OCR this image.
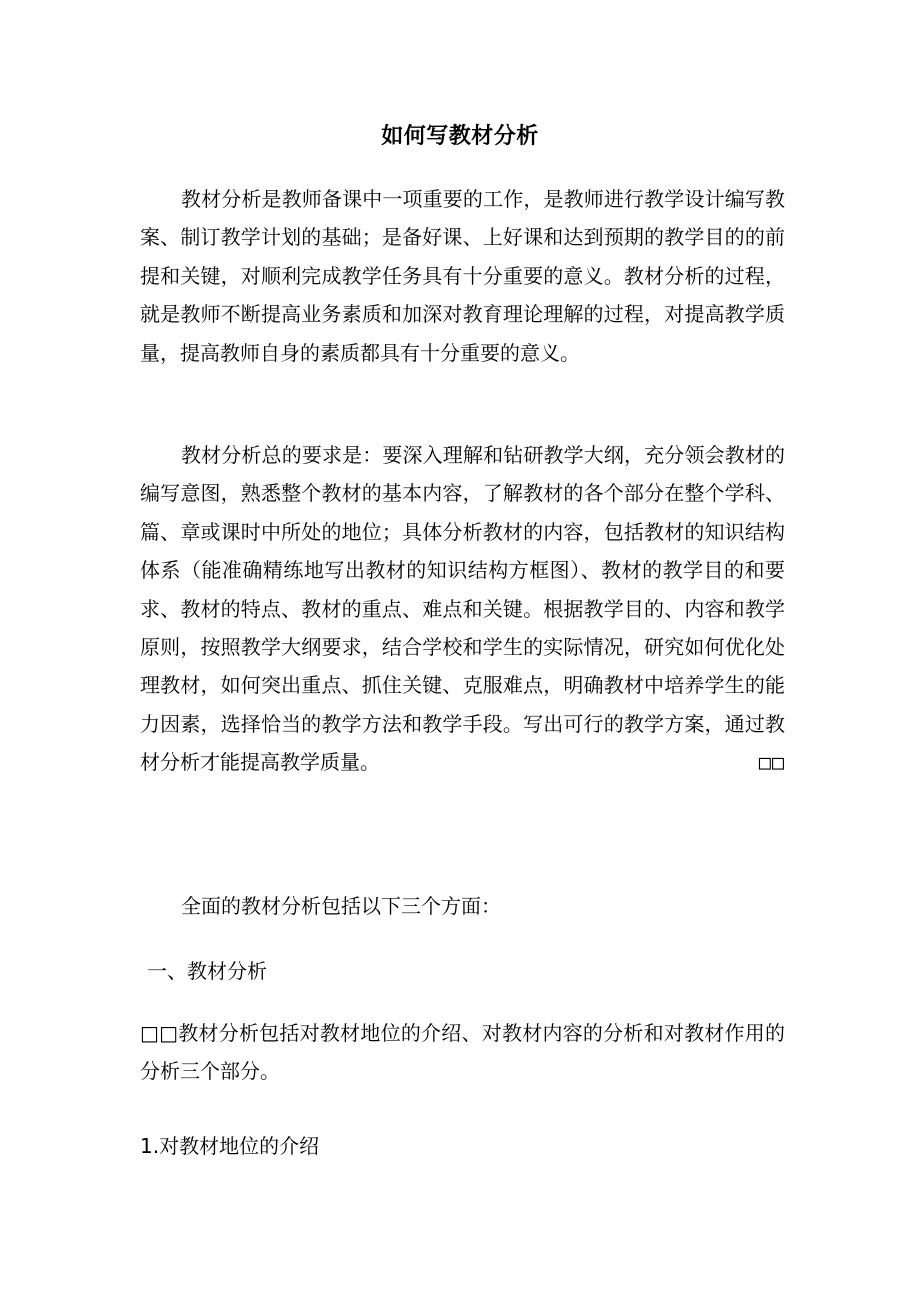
如何写教材分析

教材分析是教师备课中一项重要的工作，是教师进行教学设计编写教案、制订教学计划的基础；是备好课、上好课和达到预期的教学目的的前提和关键，对顺利完成教学任务具有十分重要的意义。教材分析的过程，就是教师不断提高业务素质和加深对教育理论理解的过程，对提高教学质量，提高教师自身的素质都具有十分重要的意义。

教材分析总的要求是：要深入理解和钻研教学大纲，充分领会教材的编写意图，熟悉整个教材的基本内容，了解教材的各个部分在整个学科、篇、章或课时中所处的地位；具体分析教材的内容，包括教材的知识结构体系（能准确精练地写出教材的知识结构方框图）、教材的教学目的和要求、教材的特点、教材的重点、难点和关键。根据教学目的、内容和教学原则，按照教学大纲要求，结合学校和学生的实际情况，研究如何优化处理教材，如何突出重点、抓住关键、克服难点，明确教材中培养学生的能力因素，选择恰当的教学方法和教学手段。写出可行的教学方案，通过教材分析才能提高教学质量。	□□

全面的教材分析包括以下三个方面：

一、教材分析

□□教材分析包括对教材地位的介绍、对教材内容的分析和对教材作用的分析三个部分。

1.对教材地位的介绍
